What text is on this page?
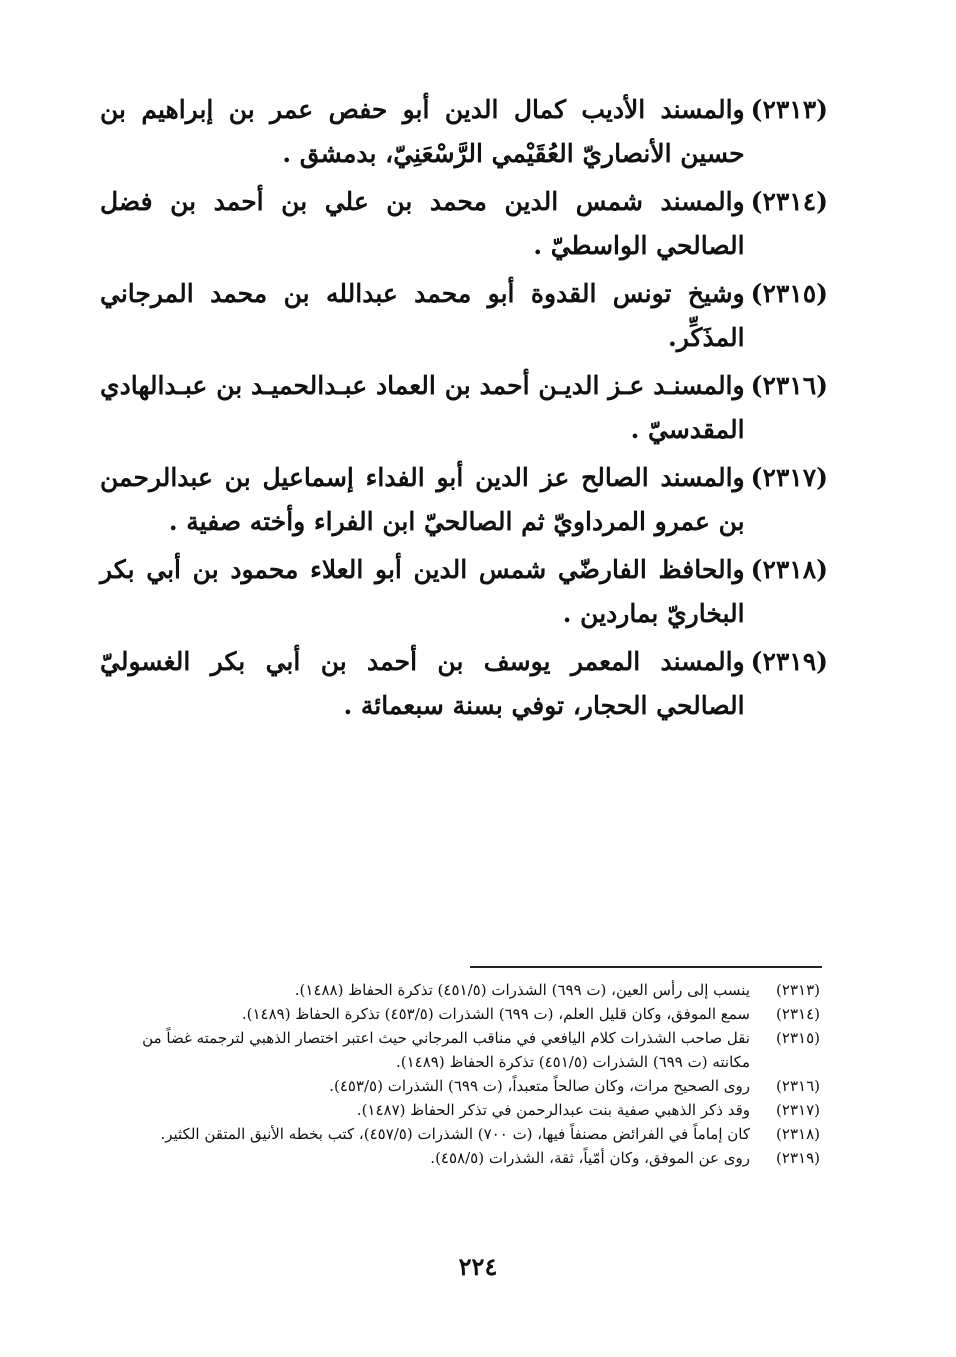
(٢٣١٣)
والمسند الأديب كمال الدين أبو حفص عمر بن إبراهيم بن حسين الأنصاريّ العُقَيْمي الرَّسْعَنِيّ، بدمشق .
(٢٣١٤)
والمسند شمس الدين محمد بن علي بن أحمد بن فضل الصالحي الواسطيّ .
(٢٣١٥)
وشيخ تونس القدوة أبو محمد عبدالله بن محمد المرجاني المذَكِّر.
(٢٣١٦)
والمسنـد عـز الديـن أحمد بن العماد عبـدالحميـد بن عبـدالهادي المقدسيّ .
(٢٣١٧)
والمسند الصالح عز الدين أبو الفداء إسماعيل بن عبدالرحمن بن عمرو المرداويّ ثم الصالحيّ ابن الفراء وأخته صفية .
(٢٣١٨)
والحافظ الفارضّي شمس الدين أبو العلاء محمود بن أبي بكر البخاريّ بماردين .
(٢٣١٩)
والمسند المعمر يوسف بن أحمد بن أبي بكر الغسوليّ الصالحي الحجار، توفي بسنة سبعمائة .
(٢٣١٣)
ينسب إلى رأس العين، (ت ٦٩٩) الشذرات (٤٥١/٥) تذكرة الحفاظ (١٤٨٨).
(٢٣١٤)
سمع الموفق، وكان قليل العلم، (ت ٦٩٩) الشذرات (٤٥٣/٥) تذكرة الحفاظ (١٤٨٩).
(٢٣١٥)
نقل صاحب الشذرات كلام اليافعي في مناقب المرجاني حيث اعتبر اختصار الذهبي لترجمته غضاً من مكانته (ت ٦٩٩) الشذرات (٤٥١/٥) تذكرة الحفاظ (١٤٨٩).
(٢٣١٦)
روى الصحيح مرات، وكان صالحاً متعبداً، (ت ٦٩٩) الشذرات (٤٥٣/٥).
(٢٣١٧)
وقد ذكر الذهبي صفية بنت عبدالرحمن في تذكر الحفاظ (١٤٨٧).
(٢٣١٨)
كان إماماً في الفرائض مصنفاً فيها، (ت ٧٠٠) الشذرات (٤٥٧/٥)، كتب بخطه الأنيق المتقن الكثير.
(٢٣١٩)
روى عن الموفق، وكان أمّياً، ثقة، الشذرات (٤٥٨/٥).
٢٢٤
